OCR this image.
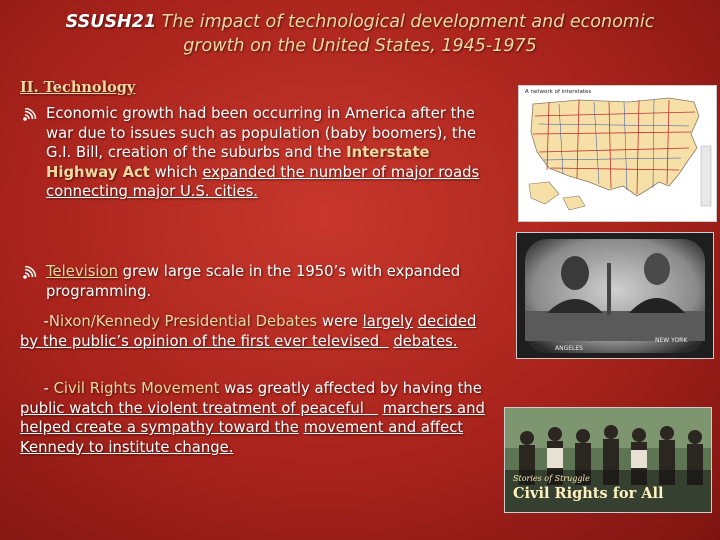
SSUSH21 The impact of technological development and economic
growth on the United States, 1945-1975
II. Technology
Economic growth had been occurring in America after the war due to issues such as population (baby boomers), the G.I. Bill, creation of the suburbs and the Interstate Highway Act which expanded the number of major roads connecting major U.S. cities.
Television grew large scale in the 1950’s with expanded programming.
-Nixon/Kennedy Presidential Debates were largely decided by the public’s opinion of the first ever televised debates.
- Civil Rights Movement was greatly affected by having the public watch the violent treatment of peaceful marchers and helped create a sympathy toward the movement and affect Kennedy to institute change.
A network of interstates
ANGELES
NEW YORK
Stories of Struggle
Civil Rights for All
